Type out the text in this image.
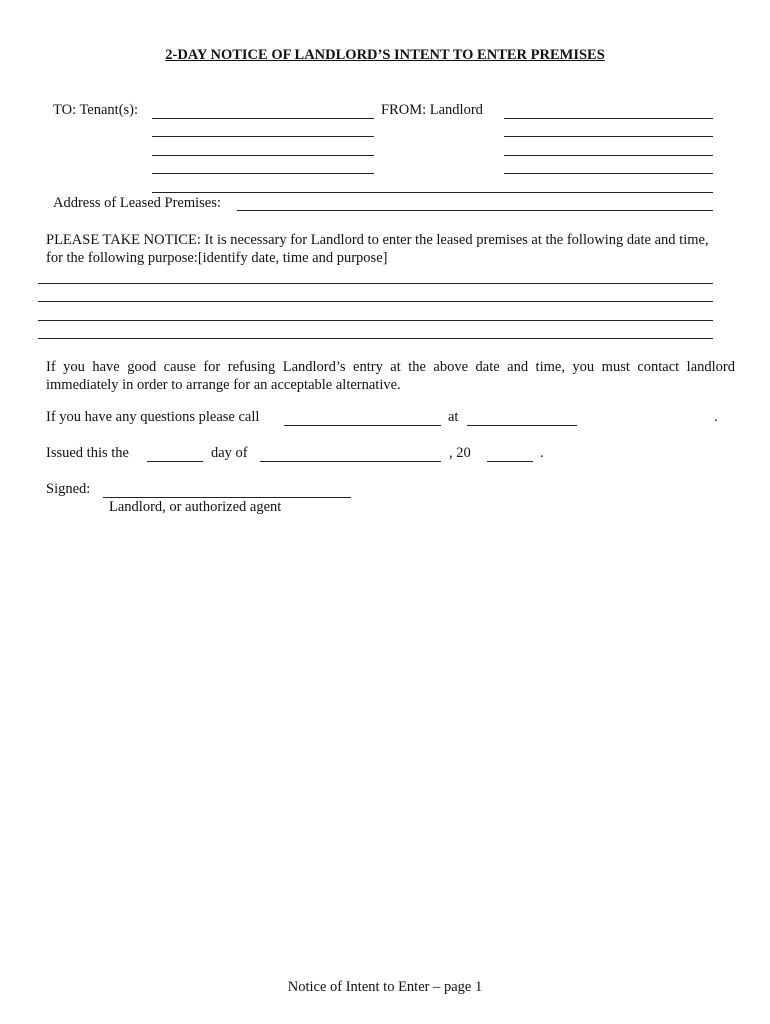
2-DAY NOTICE OF LANDLORD’S INTENT TO ENTER PREMISES
TO: Tenant(s):	FROM: Landlord
Address of Leased Premises:
PLEASE TAKE NOTICE: It is necessary for Landlord to enter the leased premises at the following date and time, for the following purpose:[identify date, time and purpose]
If you have good cause for refusing Landlord’s entry at the above date and time, you must contact landlord immediately in order to arrange for an acceptable alternative.
If you have any questions please call	at	.
Issued this the	day of	, 20	.
Signed:
Landlord, or authorized agent
Notice of Intent to Enter – page 1
